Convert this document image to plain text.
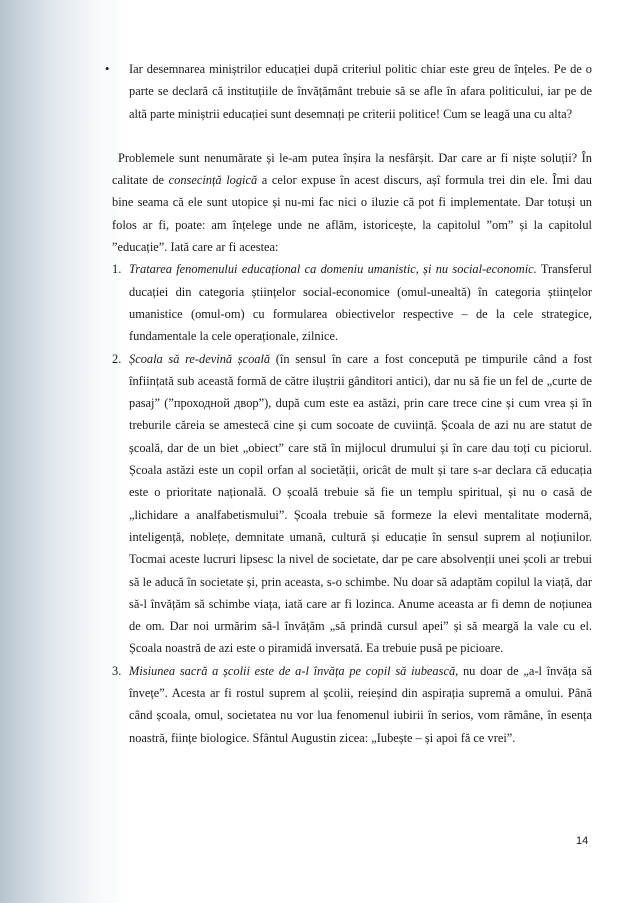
• Iar desemnarea miniștrilor educației după criteriul politic chiar este greu de înțeles. Pe de o parte se declară că instituțiile de învățământ trebuie să se afle în afara politicului, iar pe de altă parte miniștrii educației sunt desemnați pe criterii politice! Cum se leagă una cu alta?

Problemele sunt nenumărate și le-am putea înșira la nesfârșit. Dar care ar fi niște soluții? În calitate de consecință logică a celor expuse în acest discurs, așî formula trei din ele. Îmi dau bine seama că ele sunt utopice și nu-mi fac nici o iluzie că pot fi implementate. Dar totuși un folos ar fi, poate: am înțelege unde ne aflăm, istoricește, la capitolul ”om” și la capitolul ”educație”. Iată care ar fi acestea:

1. Tratarea fenomenului educațional ca domeniu umanistic, și nu social-economic. Transferul ducației din categoria științelor social-economice (omul-unealtă) în categoria științelor umanistice (omul-om) cu formularea obiectivelor respective – de la cele strategice, fundamentale la cele operaționale, zilnice.

2. Școala să re-devină școală (în sensul în care a fost concepută pe timpurile când a fost înființată sub această formă de către iluștrii gânditori antici), dar nu să fie un fel de „curte de pasaj” (”проходной двор”), după cum este ea astăzi, prin care trece cine și cum vrea și în treburile căreia se amestecă cine și cum socoate de cuviință. Școala de azi nu are statut de școală, dar de un biet „obiect” care stă în mijlocul drumului și în care dau toți cu piciorul. Școala astăzi este un copil orfan al societății, oricât de mult și tare s-ar declara că educația este o prioritate națională. O școală trebuie să fie un templu spiritual, și nu o casă de „lichidare a analfabetismului”. Școala trebuie să formeze la elevi mentalitate modernă, inteligență, noblețe, demnitate umană, cultură și educație în sensul suprem al noțiunilor. Tocmai aceste lucruri lipsesc la nivel de societate, dar pe care absolvenții unei școli ar trebui să le aducă în societate și, prin aceasta, s-o schimbe. Nu doar să adaptăm copilul la viață, dar să-l învățăm să schimbe viața, iată care ar fi lozinca. Anume aceasta ar fi demn de noțiunea de om. Dar noi urmărim să-l învățăm „să prindă cursul apei” și să meargă la vale cu el. Școala noastră de azi este o piramidă inversată. Ea trebuie pusă pe picioare.

3. Misiunea sacră a școlii este de a-l învăța pe copil să iubească, nu doar de „a-l învăța să învețe”. Acesta ar fi rostul suprem al școlii, reieșind din aspirația supremă a omului. Până când școala, omul, societatea nu vor lua fenomenul iubirii în serios, vom rămâne, în esența noastră, ființe biologice. Sfântul Augustin zicea: „Iubește – și apoi fă ce vrei”.

14
